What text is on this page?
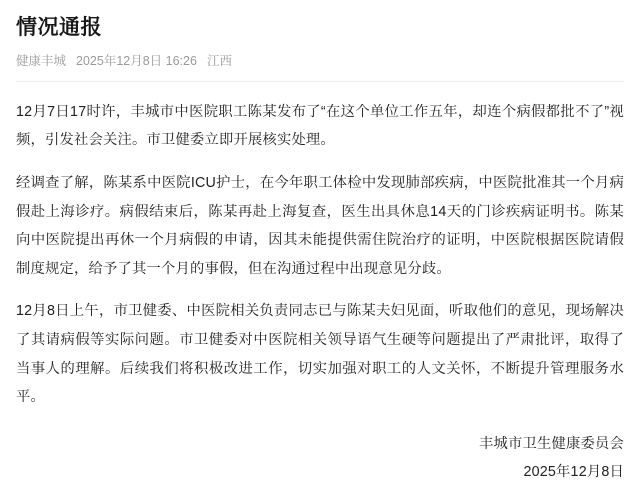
情况通报
健康丰城 2025年12月8日 16:26 江西

12月7日17时许，丰城市中医院职工陈某发布了“在这个单位工作五年，却连个病假都批不了”视频，引发社会关注。市卫健委立即开展核实处理。

经调查了解，陈某系中医院ICU护士，在今年职工体检中发现肺部疾病，中医院批准其一个月病假赴上海诊疗。病假结束后，陈某再赴上海复查，医生出具休息14天的门诊疾病证明书。陈某向中医院提出再休一个月病假的申请，因其未能提供需住院治疗的证明，中医院根据医院请假制度规定，给予了其一个月的事假，但在沟通过程中出现意见分歧。

12月8日上午，市卫健委、中医院相关负责同志已与陈某夫妇见面，听取他们的意见，现场解决了其请病假等实际问题。市卫健委对中医院相关领导语气生硬等问题提出了严肃批评，取得了当事人的理解。后续我们将积极改进工作，切实加强对职工的人文关怀，不断提升管理服务水平。

丰城市卫生健康委员会
2025年12月8日
